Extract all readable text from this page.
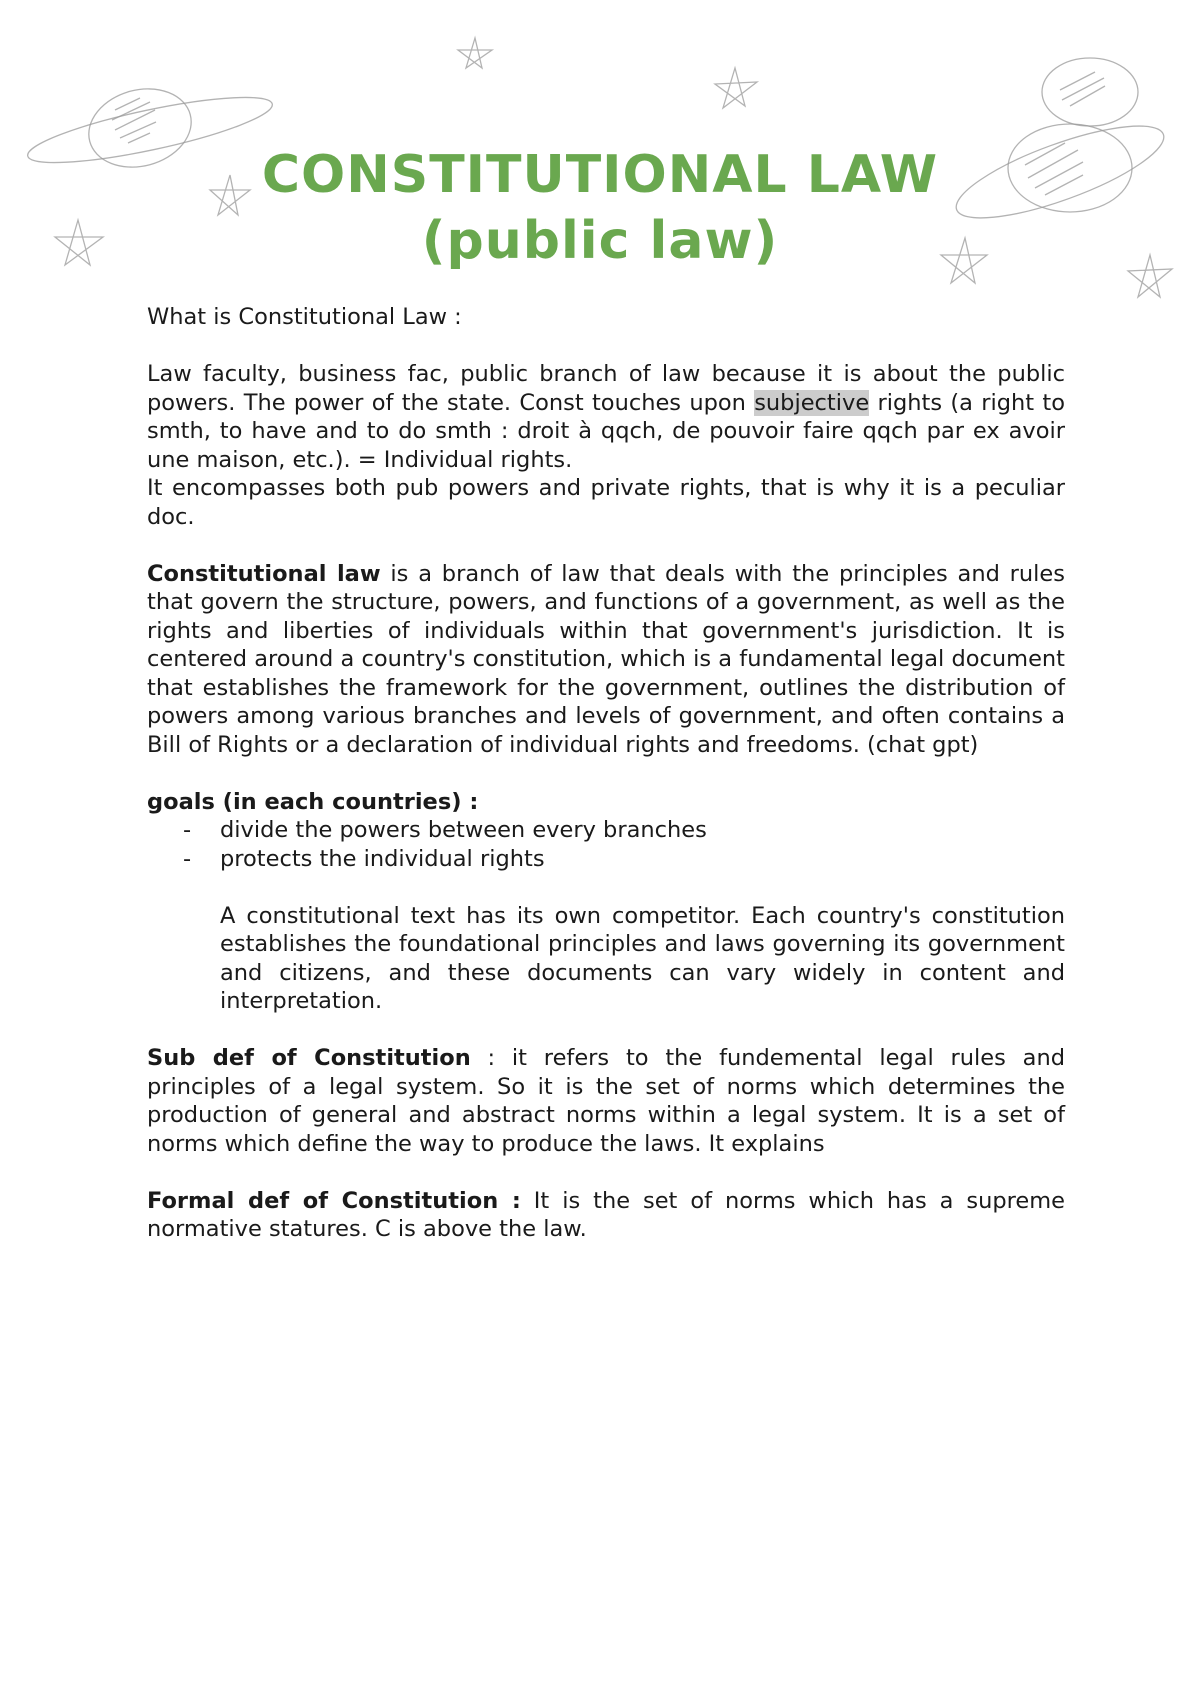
CONSTITUTIONAL LAW
(public law)

What is Constitutional Law :

Law faculty, business fac, public branch of law because it is about the public powers. The power of the state. Const touches upon subjective rights (a right to smth, to have and to do smth : droit à qqch, de pouvoir faire qqch par ex avoir une maison, etc.). = Individual rights.

It encompasses both pub powers and private rights, that is why it is a peculiar doc.

Constitutional law is a branch of law that deals with the principles and rules that govern the structure, powers, and functions of a government, as well as the rights and liberties of individuals within that government's jurisdiction. It is centered around a country's constitution, which is a fundamental legal document that establishes the framework for the government, outlines the distribution of powers among various branches and levels of government, and often contains a Bill of Rights or a declaration of individual rights and freedoms. (chat gpt)

goals (in each countries) :

- divide the powers between every branches
- protects the individual rights

A constitutional text has its own competitor. Each country's constitution establishes the foundational principles and laws governing its government and citizens, and these documents can vary widely in content and interpretation.

Sub def of Constitution : it refers to the fundemental legal rules and principles of a legal system. So it is the set of norms which determines the production of general and abstract norms within a legal system. It is a set of norms which define the way to produce the laws. It explains

Formal def of Constitution : It is the set of norms which has a supreme normative statures. C is above the law.
